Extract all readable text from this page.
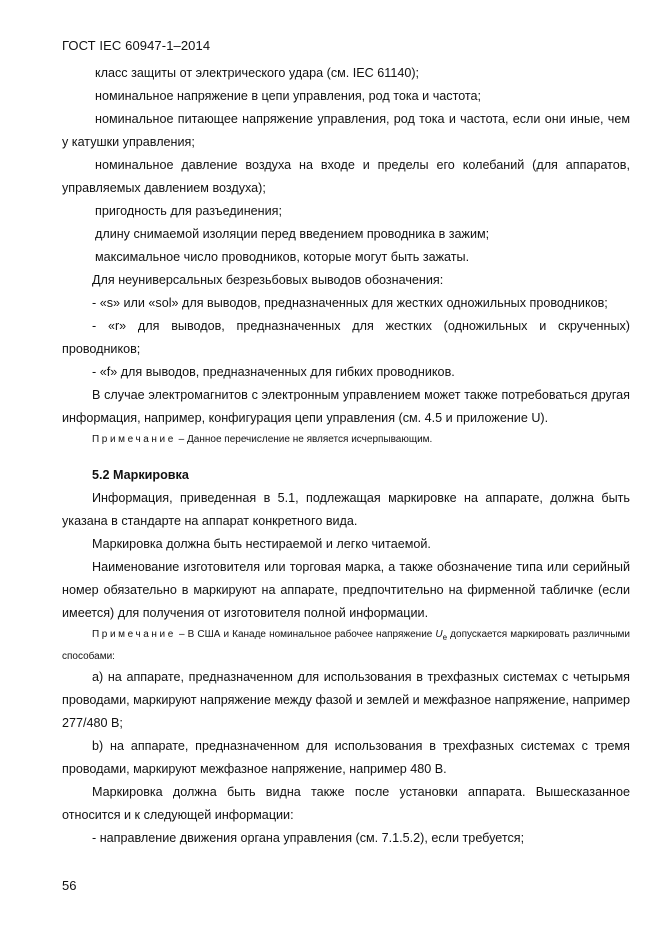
ГОСТ IEC 60947-1–2014

класс защиты от электрического удара (см. IEC 61140);

номинальное напряжение в цепи управления, род тока и частота;

номинальное питающее напряжение управления, род тока и частота, если они иные, чем у катушки управления;

номинальное давление воздуха на входе и пределы его колебаний (для аппаратов, управляемых давлением воздуха);

пригодность для разъединения;

длину снимаемой изоляции перед введением проводника в зажим;

максимальное число проводников, которые могут быть зажаты.

Для неуниверсальных безрезьбовых выводов обозначения:

- «s» или «sol» для выводов, предназначенных для жестких одножильных проводников;

- «r» для выводов, предназначенных для жестких (одножильных и скрученных) проводников;

- «f» для выводов, предназначенных для гибких проводников.

В случае электромагнитов с электронным управлением может также потребоваться другая информация, например, конфигурация цепи управления (см. 4.5 и приложение U).

Примечание – Данное перечисление не является исчерпывающим.

5.2 Маркировка

Информация, приведенная в 5.1, подлежащая маркировке на аппарате, должна быть указана в стандарте на аппарат конкретного вида.

Маркировка должна быть нестираемой и легко читаемой.

Наименование изготовителя или торговая марка, а также обозначение типа или серийный номер обязательно в маркируют на аппарате, предпочтительно на фирменной табличке (если имеется) для получения от изготовителя полной информации.

Примечание – В США и Канаде номинальное рабочее напряжение $U_e$ допускается маркировать различными способами:

a) на аппарате, предназначенном для использования в трехфазных системах с четырьмя проводами, маркируют напряжение между фазой и землей и межфазное напряжение, например 277/480 В;

b) на аппарате, предназначенном для использования в трехфазных системах с тремя проводами, маркируют межфазное напряжение, например 480 В.

Маркировка должна быть видна также после установки аппарата. Вышесказанное относится и к следующей информации:

- направление движения органа управления (см. 7.1.5.2), если требуется;

56
